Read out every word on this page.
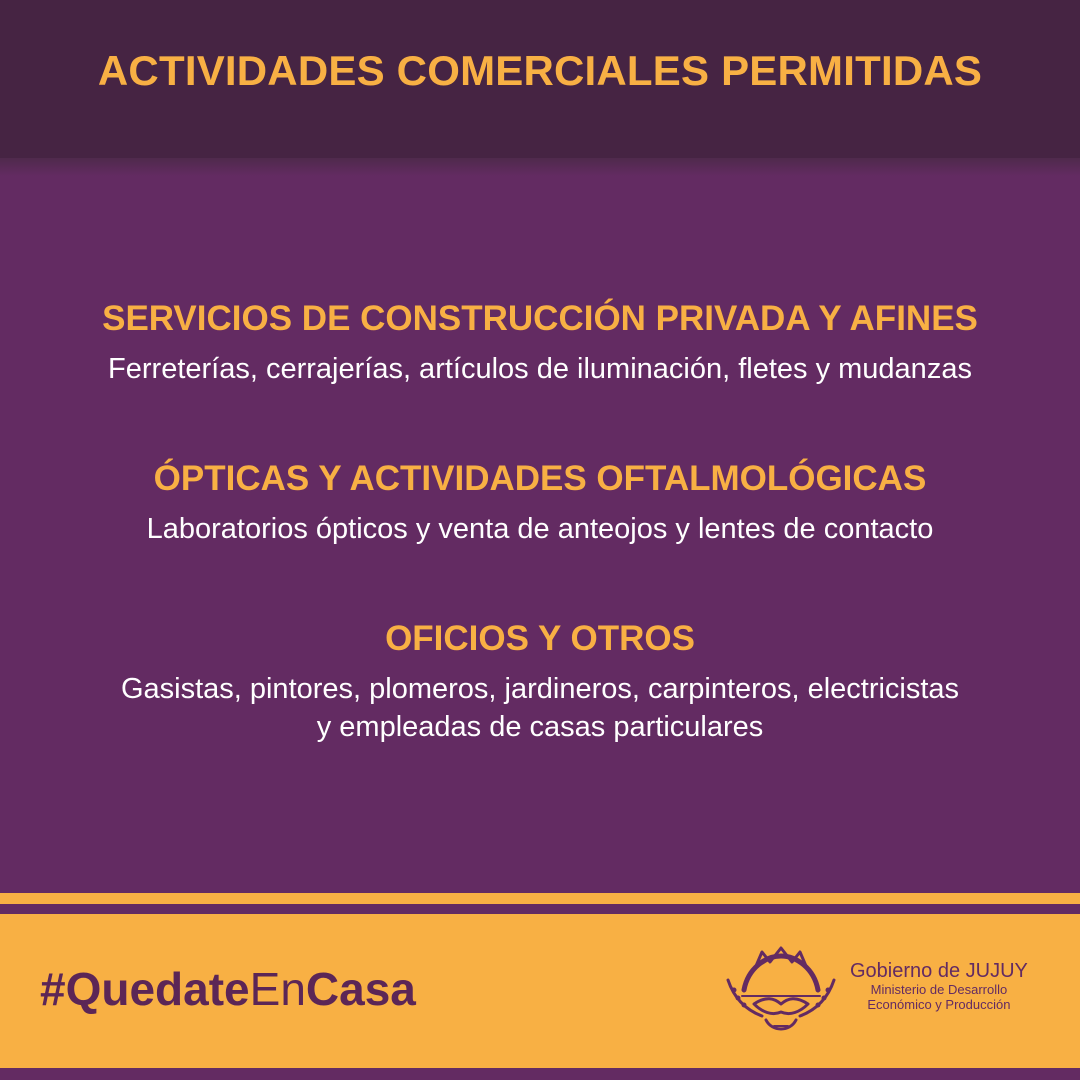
ACTIVIDADES COMERCIALES PERMITIDAS
SERVICIOS DE CONSTRUCCIÓN PRIVADA Y AFINES

Ferreterías, cerrajerías, artículos de iluminación, fletes y mudanzas

ÓPTICAS Y ACTIVIDADES OFTALMOLÓGICAS

Laboratorios ópticos y venta de anteojos y lentes de contacto

OFICIOS Y OTROS

Gasistas, pintores, plomeros, jardineros, carpinteros, electricistas

y empleadas de casas particulares

#QuedateEnCasa	Gobierno de JUJUY
Ministerio de Desarrollo
Económico y Producción
